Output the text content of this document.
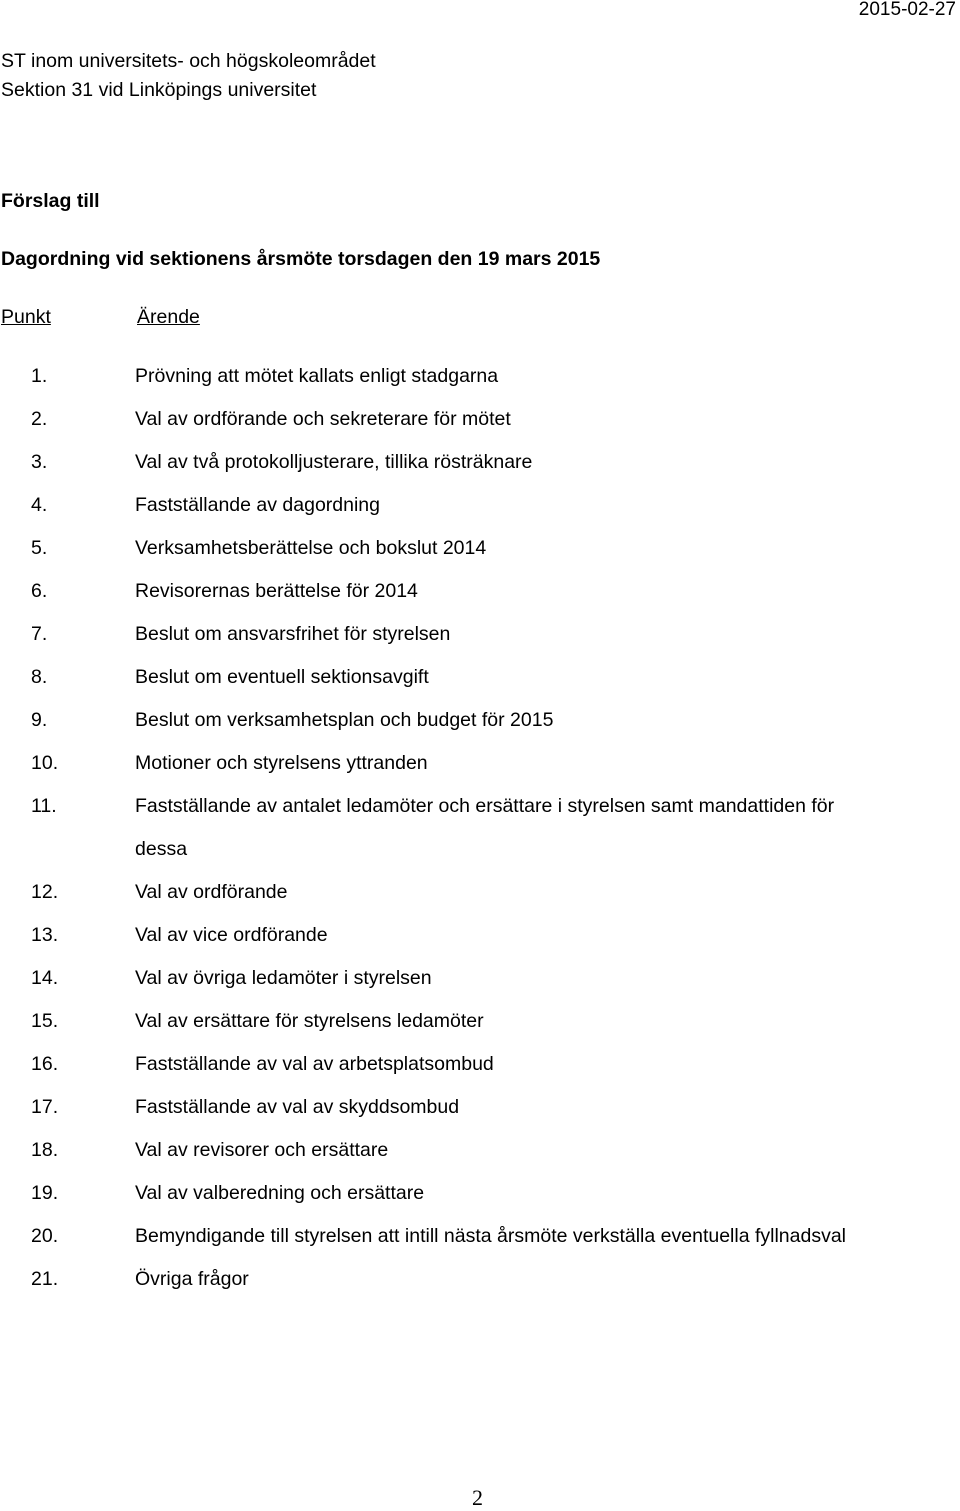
2015-02-27
ST inom universitets- och högskoleområdet
Sektion 31 vid Linköpings universitet
Förslag till
Dagordning vid sektionens årsmöte torsdagen den 19 mars 2015
Punkt	Ärende
1.	Prövning att mötet kallats enligt stadgarna
2.	Val av ordförande och sekreterare för mötet
3.	Val av två protokolljusterare, tillika rösträknare
4.	Fastställande av dagordning
5.	Verksamhetsberättelse och bokslut 2014
6.	Revisorernas berättelse för 2014
7.	Beslut om ansvarsfrihet för styrelsen
8.	Beslut om eventuell sektionsavgift
9.	Beslut om verksamhetsplan och budget för 2015
10.	Motioner och styrelsens yttranden
11.	Fastställande av antalet ledamöter och ersättare i styrelsen samt mandattiden för
dessa
12.	Val av ordförande
13.	Val av vice ordförande
14.	Val av övriga ledamöter i styrelsen
15.	Val av ersättare för styrelsens ledamöter
16.	Fastställande av val av arbetsplatsombud
17.	Fastställande av val av skyddsombud
18.	Val av revisorer och ersättare
19.	Val av valberedning och ersättare
20.	Bemyndigande till styrelsen att intill nästa årsmöte verkställa eventuella fyllnadsval
21.	Övriga frågor
2
